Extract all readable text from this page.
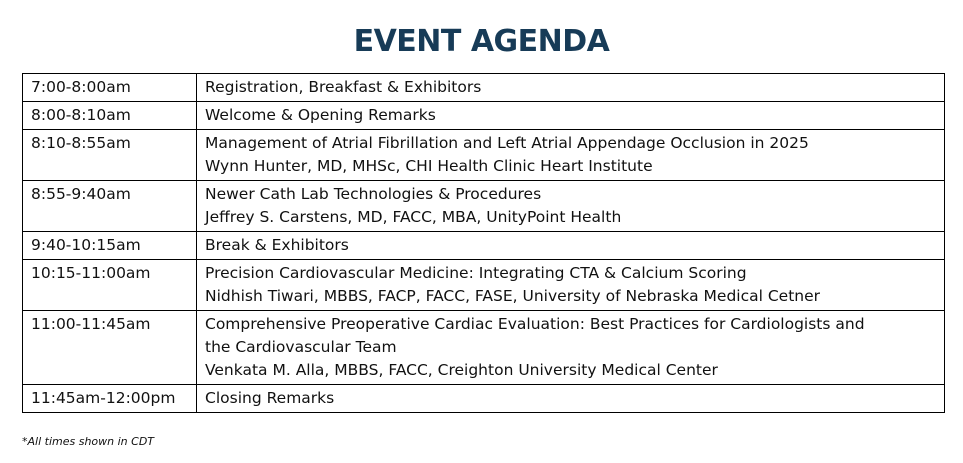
EVENT AGENDA
7:00-8:00am	Registration, Breakfast & Exhibitors

8:00-8:10am	Welcome & Opening Remarks

8:10-8:55am	Management of Atrial Fibrillation and Left Atrial Appendage Occlusion in 2025
Wynn Hunter, MD, MHSc, CHI Health Clinic Heart Institute

8:55-9:40am	Newer Cath Lab Technologies & Procedures
Jeffrey S. Carstens, MD, FACC, MBA, UnityPoint Health

9:40-10:15am	Break & Exhibitors

10:15-11:00am	Precision Cardiovascular Medicine: Integrating CTA & Calcium Scoring
Nidhish Tiwari, MBBS, FACP, FACC, FASE, University of Nebraska Medical Cetner

11:00-11:45am	Comprehensive Preoperative Cardiac Evaluation: Best Practices for Cardiologists and
the Cardiovascular Team
Venkata M. Alla, MBBS, FACC, Creighton University Medical Center

11:45am-12:00pm	Closing Remarks
*All times shown in CDT
